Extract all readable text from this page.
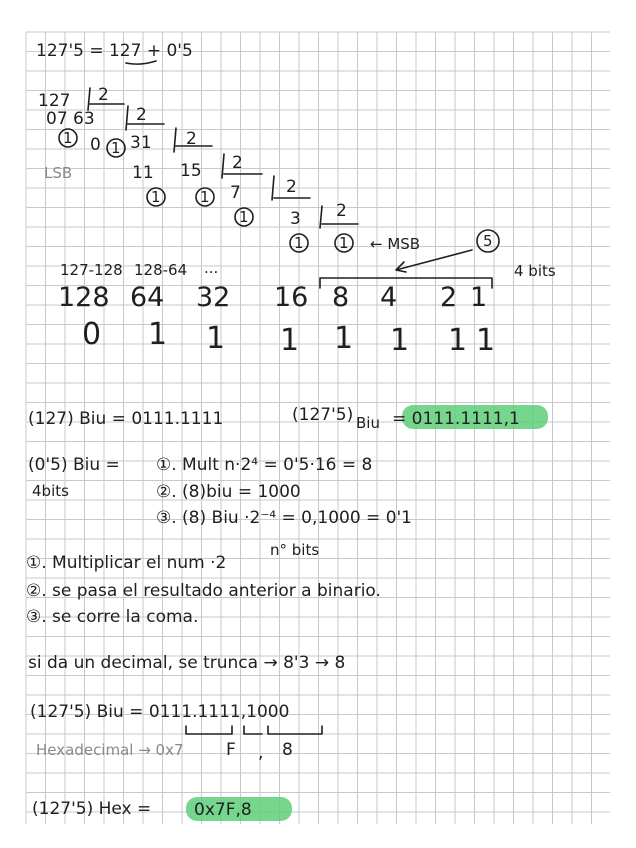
127'5 = 127 + 0'5
127 2
07 63 2
0 31 2
11 15 2
7	2
3 2
1
1
1	1
1
1 1
LSB
← MSB	5
127-128 128-64 ...
128 64 32 16 8 4 2 1
4 bits
0 1 1 1 1 1 1 1
(127) Biu = 0111.1111	(127'5) Biu = 0111.1111,1
(0'5) Biu =
4bits
①. Mult n·2⁴ = 0'5·16 = 8
②. (8)biu = 1000
③. (8) Biu ·2⁻⁴ = 0,1000 = 0'1
①. Multiplicar el num ·2
n° bits
②. se pasa el resultado anterior a binario.
③. se corre la coma.
si da un decimal, se trunca → 8'3 → 8
(127'5) Biu = 0111.1111,1000
Hexadecimal → 0x7 F , 8
(127'5) Hex =	0x7F,8
